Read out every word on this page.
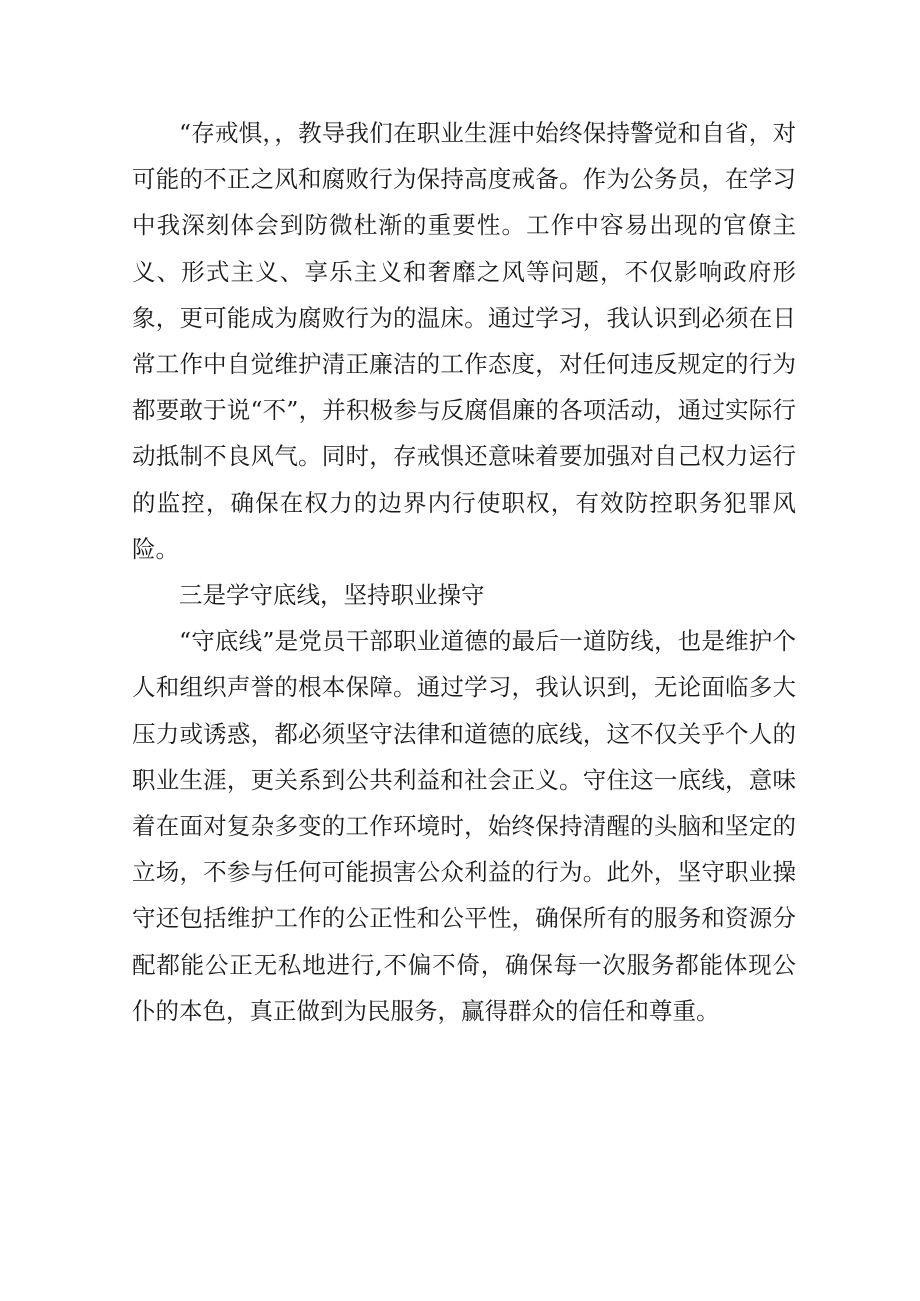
“存戒惧，，教导我们在职业生涯中始终保持警觉和自省，对可能的不正之风和腐败行为保持高度戒备。作为公务员，在学习中我深刻体会到防微杜渐的重要性。工作中容易出现的官僚主义、形式主义、享乐主义和奢靡之风等问题，不仅影响政府形象，更可能成为腐败行为的温床。通过学习，我认识到必须在日常工作中自觉维护清正廉洁的工作态度，对任何违反规定的行为都要敢于说“不”，并积极参与反腐倡廉的各项活动，通过实际行动抵制不良风气。同时，存戒惧还意味着要加强对自己权力运行的监控，确保在权力的边界内行使职权，有效防控职务犯罪风险。

三是学守底线，坚持职业操守

“守底线”是党员干部职业道德的最后一道防线，也是维护个人和组织声誉的根本保障。通过学习，我认识到，无论面临多大压力或诱惑，都必须坚守法律和道德的底线，这不仅关乎个人的职业生涯，更关系到公共利益和社会正义。守住这一底线，意味着在面对复杂多变的工作环境时，始终保持清醒的头脑和坚定的立场，不参与任何可能损害公众利益的行为。此外，坚守职业操守还包括维护工作的公正性和公平性，确保所有的服务和资源分配都能公正无私地进行,不偏不倚，确保每一次服务都能体现公仆的本色，真正做到为民服务，赢得群众的信任和尊重。
